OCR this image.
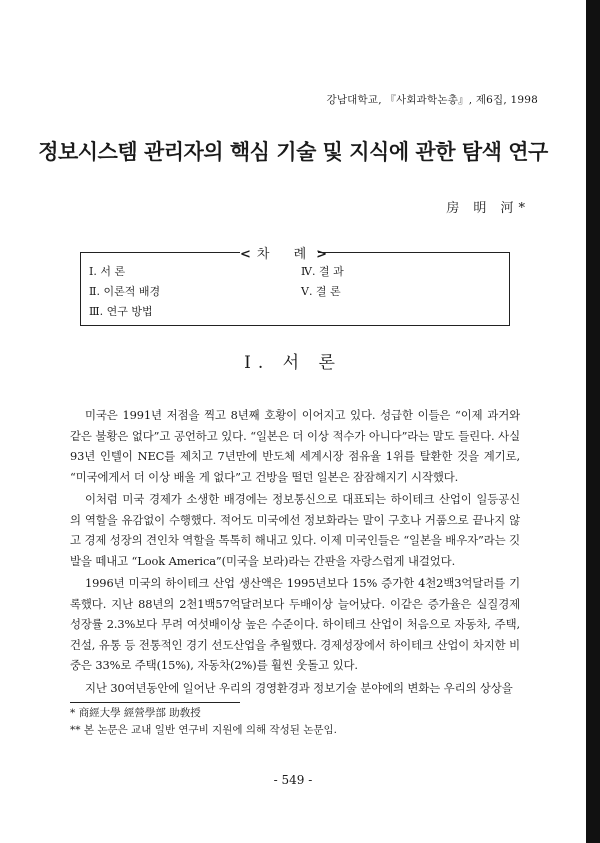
강남대학교, 『사회과학논총』, 제6집, 1998
정보시스템 관리자의 핵심 기술 및 지식에 관한 탐색 연구
房 明 河*
Ⅰ. 서 론
Ⅱ. 이론적 배경
Ⅲ. 연구 방법
Ⅳ. 결 과
Ⅴ. 결 론
< 차 례>
Ⅰ. 서 론

미국은 1991년 저점을 찍고 8년째 호황이 이어지고 있다. 성급한 이들은 “이제 과거와 같은 불황은 없다”고 공언하고 있다. “일본은 더 이상 적수가 아니다”라는 말도 들린다. 사실 93년 인텔이 NEC를 제치고 7년만에 반도체 세계시장 점유율 1위를 탈환한 것을 계기로, “미국에게서 더 이상 배울 게 없다”고 건방을 떨던 일본은 잠잠해지기 시작했다.

이처럼 미국 경제가 소생한 배경에는 정보통신으로 대표되는 하이테크 산업이 일등공신의 역할을 유감없이 수행했다. 적어도 미국에선 정보화라는 말이 구호나 거품으로 끝나지 않고 경제 성장의 견인차 역할을 톡톡히 해내고 있다. 이제 미국인들은 “일본을 배우자”라는 깃발을 떼내고 “Look America”(미국을 보라)라는 간판을 자랑스럽게 내걸었다.

1996년 미국의 하이테크 산업 생산액은 1995년보다 15% 증가한 4천2백3억달러를 기록했다. 지난 88년의 2천1백57억달러보다 두배이상 늘어났다. 이같은 증가율은 실질경제 성장률 2.3%보다 무려 여섯배이상 높은 수준이다. 하이테크 산업이 처음으로 자동차, 주택, 건설, 유통 등 전통적인 경기 선도산업을 추월했다. 경제성장에서 하이테크 산업이 차지한 비중은 33%로 주택(15%), 자동차(2%)를 훨씬 웃돌고 있다.

지난 30여년동안에 일어난 우리의 경영환경과 정보기술 분야에의 변화는 우리의 상상을

* 商經大學 經營學部 助敎授
** 본 논문은 교내 일반 연구비 지원에 의해 작성된 논문임.
- 549 -
